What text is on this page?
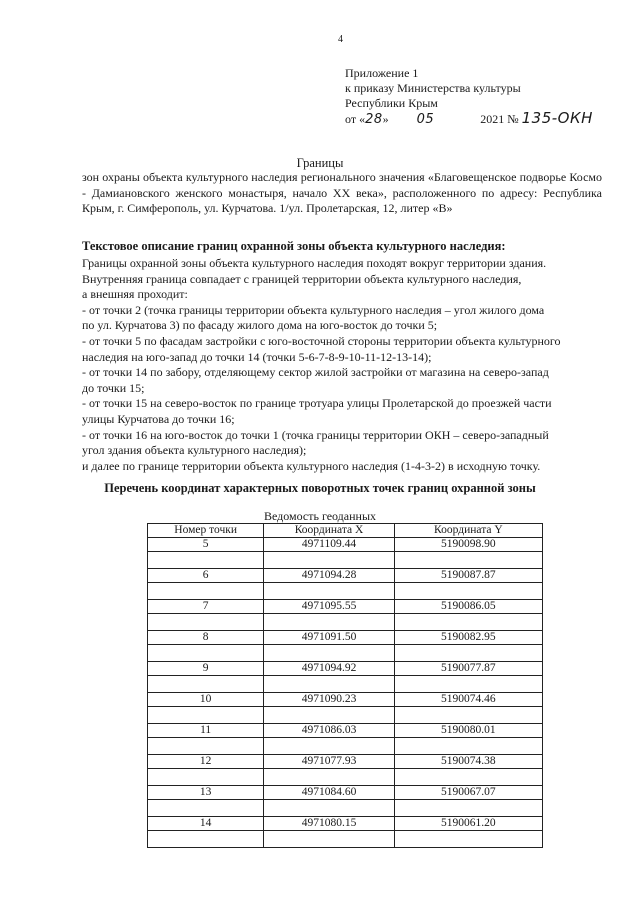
4
Приложение 1
к приказу Министерства культуры
Республики Крым
от «28» 05	2021 № 135-ОКН
Границы
зон охраны объекта культурного наследия регионального значения «Благовещенское подворье Космо - Дамиановского женского монастыря, начало XX века», расположенного по адресу: Республика Крым, г. Симферополь, ул. Курчатова. 1/ул. Пролетарская, 12, литер «В»
Текстовое описание границ охранной зоны объекта культурного наследия:
Границы охранной зоны объекта культурного наследия походят вокруг территории здания.
Внутренняя граница совпадает с границей территории объекта культурного наследия,
а внешняя проходит:
- от точки 2 (точка границы территории объекта культурного наследия – угол жилого дома
по ул. Курчатова 3) по фасаду жилого дома на юго-восток до точки 5;
- от точки 5 по фасадам застройки с юго-восточной стороны территории объекта культурного
наследия на юго-запад до точки 14 (точки 5-6-7-8-9-10-11-12-13-14);
- от точки 14 по забору, отделяющему сектор жилой застройки от магазина на северо-запад
до точки 15;
- от точки 15 на северо-восток по границе тротуара улицы Пролетарской до проезжей части
улицы Курчатова до точки 16;
- от точки 16 на юго-восток до точки 1 (точка границы территории ОКН – северо-западный
угол здания объекта культурного наследия);
и далее по границе территории объекта культурного наследия (1-4-3-2) в исходную точку.
Перечень координат характерных поворотных точек границ охранной зоны
Ведомость геоданных
Номер точки	Координата X	Координата Y
5	4971109.44	5190098.90

6	4971094.28	5190087.87

7	4971095.55	5190086.05

8	4971091.50	5190082.95

9	4971094.92	5190077.87

10	4971090.23	5190074.46

11	4971086.03	5190080.01

12	4971077.93	5190074.38

13	4971084.60	5190067.07

14	4971080.15	5190061.20
